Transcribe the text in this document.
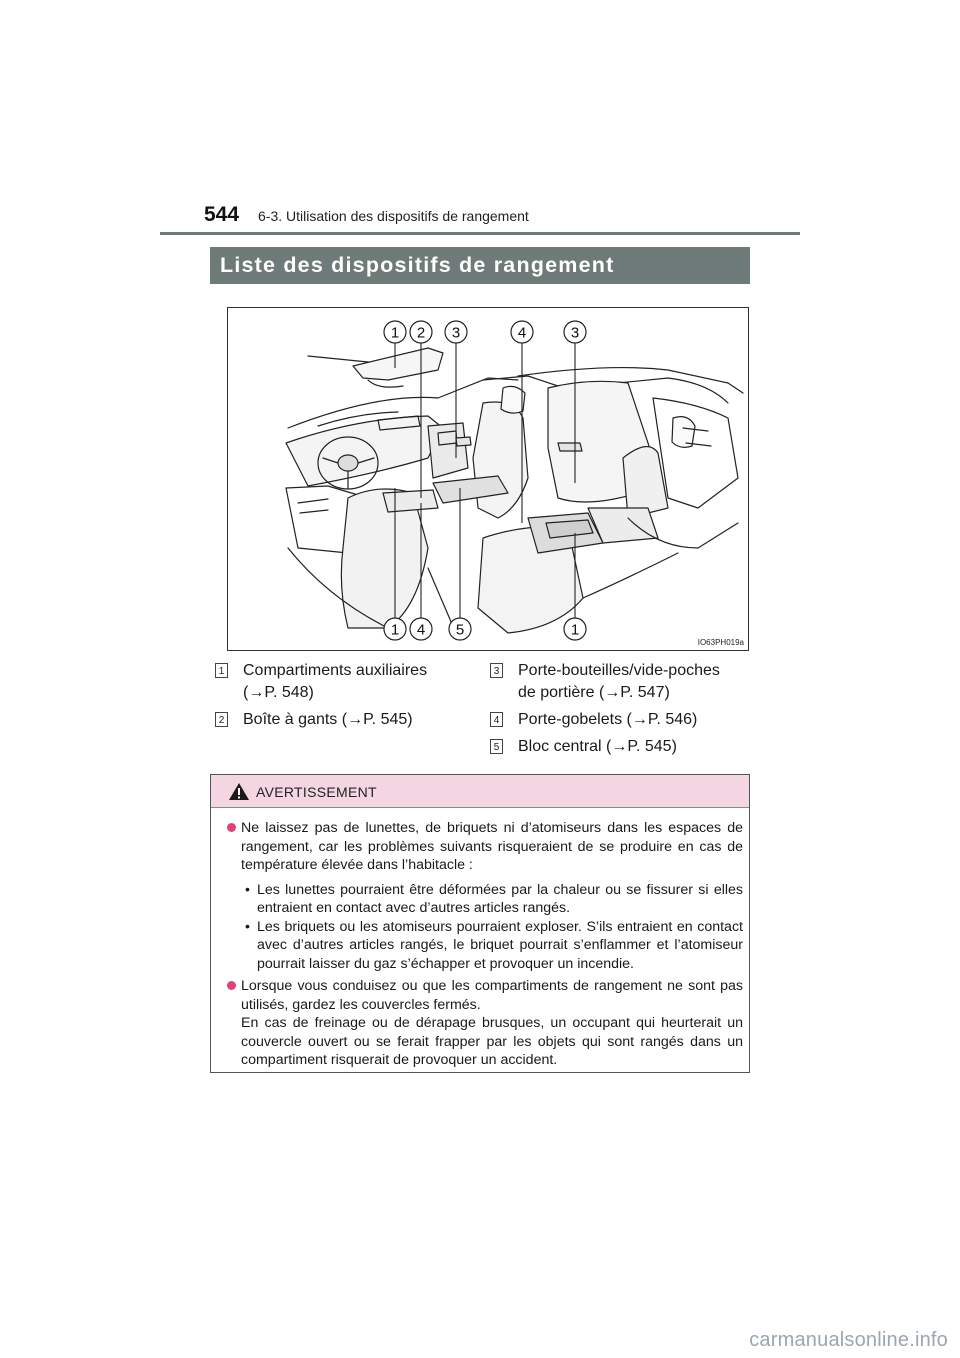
544 6-3. Utilisation des dispositifs de rangement
Liste des dispositifs de rangement
1 2 3	4	3
1 4 5	1
IO63PH019a
1 Compartiments auxiliaires
(→P. 548)
2 Boîte à gants (→P. 545)
3 Porte-bouteilles/vide-poches
de portière (→P. 547)
4 Porte-gobelets (→P. 546)
5 Bloc central (→P. 545)
AVERTISSEMENT
Ne laissez pas de lunettes, de briquets ni d’atomiseurs dans les espaces de rangement, car les problèmes suivants risqueraient de se produire en cas de température élevée dans l’habitacle :
• Les lunettes pourraient être déformées par la chaleur ou se fissurer si elles entraient en contact avec d’autres articles rangés.
• Les briquets ou les atomiseurs pourraient exploser. S’ils entraient en contact avec d’autres articles rangés, le briquet pourrait s’enflammer et l’atomiseur pourrait laisser du gaz s’échapper et provoquer un incendie.
Lorsque vous conduisez ou que les compartiments de rangement ne sont pas utilisés, gardez les couvercles fermés.
En cas de freinage ou de dérapage brusques, un occupant qui heurterait un couvercle ouvert ou se ferait frapper par les objets qui sont rangés dans un compartiment risquerait de provoquer un accident.
carmanualsonline.info
